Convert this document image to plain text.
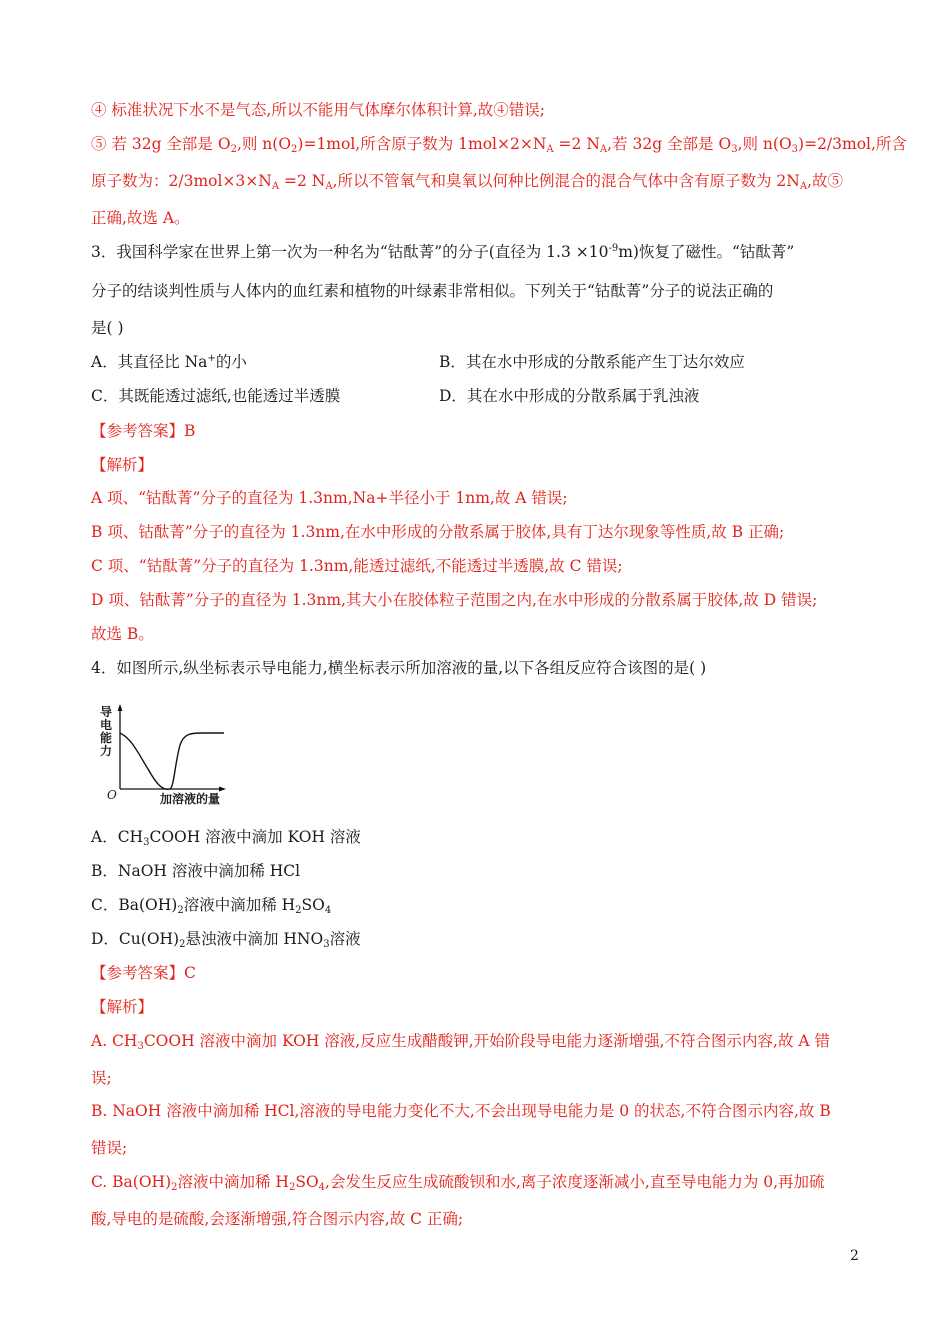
④ 标准状况下水不是气态,所以不能用气体摩尔体积计算,故④错误;
⑤ 若 32g 全部是 $O_2$,则 $n(O_2)=1mol$,所含原子数为 $1mol\times 2\times N_A =2$ $N_A$,若 32g 全部是 $O_3$,则 $n(O_3)=2/3mol$,所含
原子数为：$2/3mol\times 3\times N_A =2$ $N_A$,所以不管氧气和臭氧以何种比例混合的混合气体中含有原子数为 $2N_A$,故⑤
正确,故选 A。
3．我国科学家在世界上第一次为一种名为“钴酞菁”的分子(直径为 $1.3 \times 10^{-9}m$)恢复了磁性。“钴酞菁”
分子的结谈判性质与人体内的血红素和植物的叶绿素非常相似。下列关于“钴酞菁”分子的说法正确的
是( )
A．其直径比 Na+的小	B．其在水中形成的分散系能产生丁达尔效应
C．其既能透过滤纸,也能透过半透膜	D．其在水中形成的分散系属于乳浊液
【参考答案】B
【解析】
A 项、“钴酞菁”分子的直径为 1.3nm,Na+半径小于 1nm,故 A 错误;
B 项、钴酞菁”分子的直径为 1.3nm,在水中形成的分散系属于胶体,具有丁达尔现象等性质,故 B 正确;
C 项、“钴酞菁”分子的直径为 1.3nm,能透过滤纸,不能透过半透膜,故 C 错误;
D 项、钴酞菁”分子的直径为 1.3nm,其大小在胶体粒子范围之内,在水中形成的分散系属于胶体,故 D 错误;
故选 B。
4．如图所示,纵坐标表示导电能力,横坐标表示所加溶液的量,以下各组反应符合该图的是( )
导电能力
O	加溶液的量
A．$CH_3COOH$ 溶液中滴加 KOH 溶液
B．NaOH 溶液中滴加稀 HCl
C．$Ba(OH)_2$溶液中滴加稀 $H_2SO_4$
D．$Cu(OH)_2$悬浊液中滴加 $HNO_3$溶液
【参考答案】C
【解析】
A. $CH_3COOH$ 溶液中滴加 KOH 溶液,反应生成醋酸钾,开始阶段导电能力逐渐增强,不符合图示内容,故 A 错
误;
B. NaOH 溶液中滴加稀 HCl,溶液的导电能力变化不大,不会出现导电能力是 0 的状态,不符合图示内容,故 B
错误;
C. $Ba(OH)_2$溶液中滴加稀 $H_2SO_4$,会发生反应生成硫酸钡和水,离子浓度逐渐减小,直至导电能力为 0,再加硫
酸,导电的是硫酸,会逐渐增强,符合图示内容,故 C 正确;
2
